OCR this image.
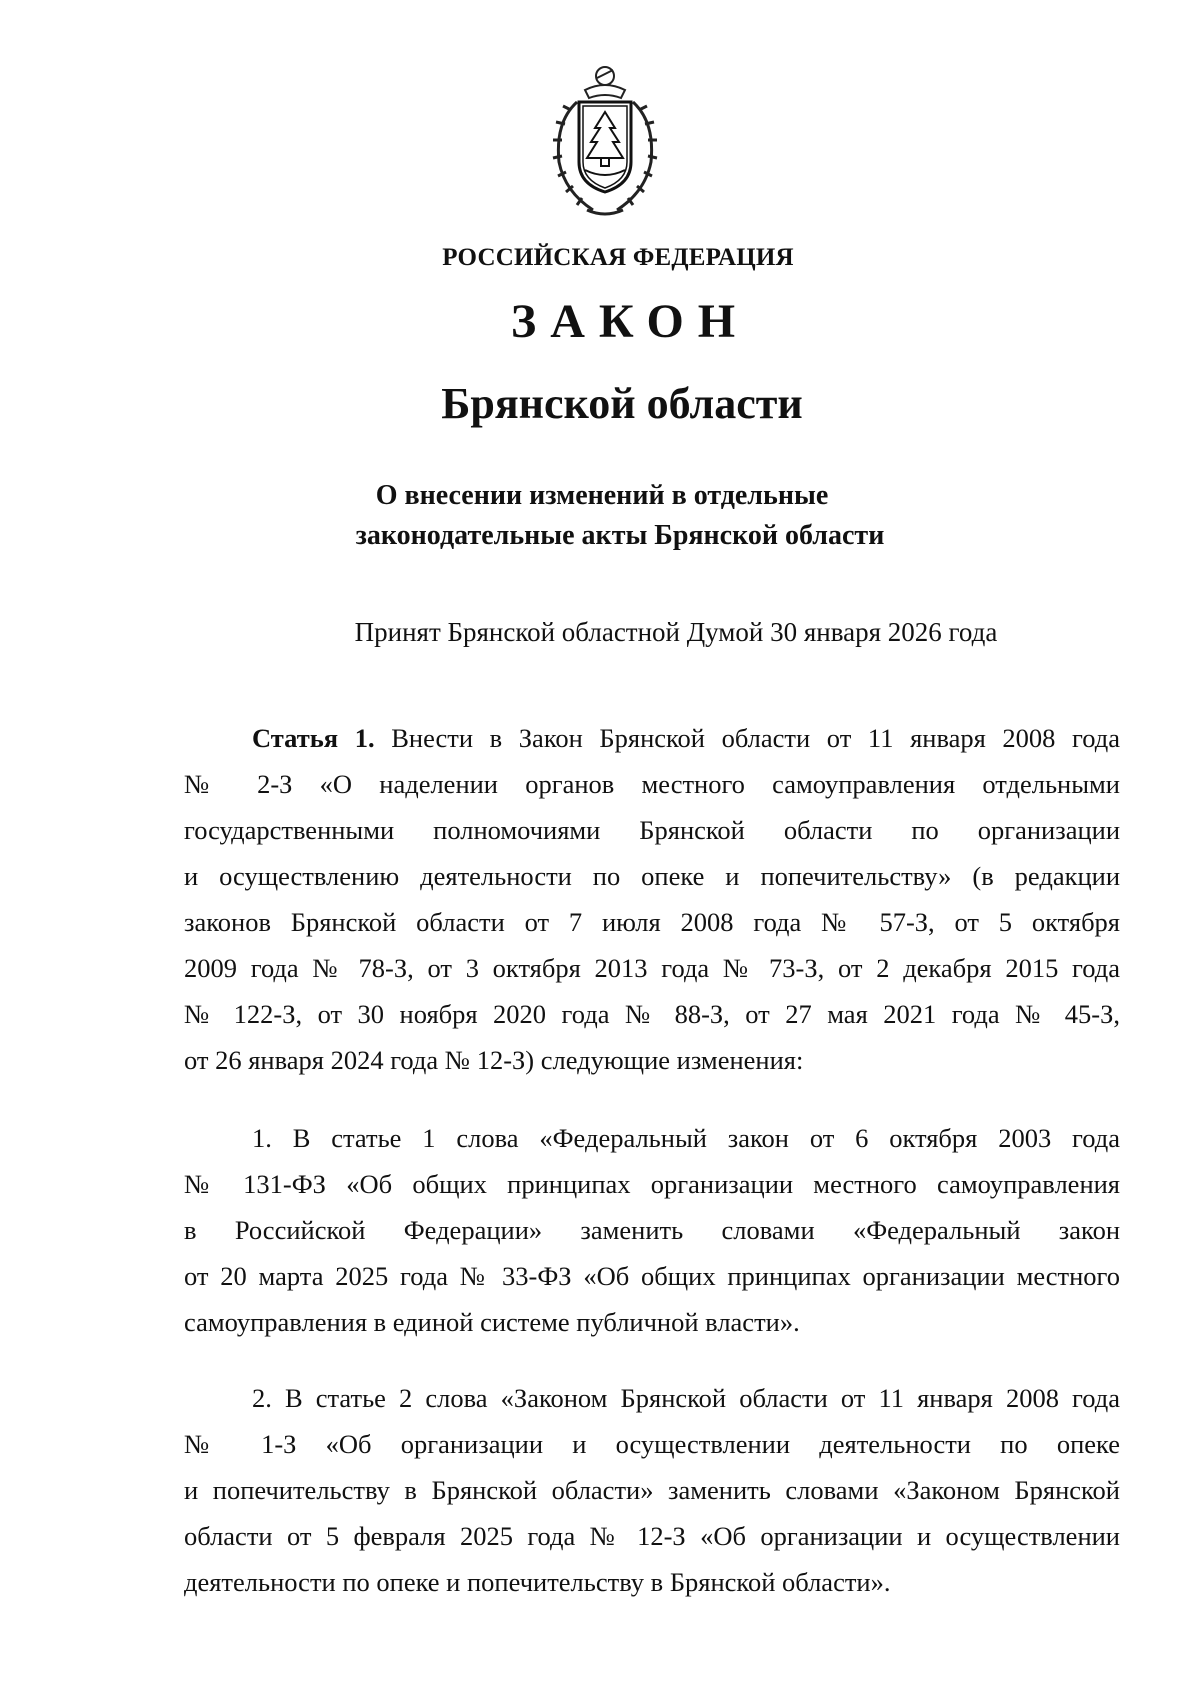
РОССИЙСКАЯ ФЕДЕРАЦИЯ
ЗАКОН
Брянской области
О внесении изменений в отдельные
законодательные акты Брянской области
Принят Брянской областной Думой 30 января 2026 года
Статья 1. Внести в Закон Брянской области от 11 января 2008 года
№ 2-З «О наделении органов местного самоуправления отдельными
государственными полномочиями Брянской области по организации
и осуществлению деятельности по опеке и попечительству» (в редакции
законов Брянской области от 7 июля 2008 года № 57-З, от 5 октября
2009 года № 78-З, от 3 октября 2013 года № 73-З, от 2 декабря 2015 года
№ 122-З, от 30 ноября 2020 года № 88-З, от 27 мая 2021 года № 45-З,
от 26 января 2024 года № 12-З) следующие изменения:
1. В статье 1 слова «Федеральный закон от 6 октября 2003 года
№ 131-ФЗ «Об общих принципах организации местного самоуправления
в Российской Федерации» заменить словами «Федеральный закон
от 20 марта 2025 года № 33-ФЗ «Об общих принципах организации местного
самоуправления в единой системе публичной власти».
2. В статье 2 слова «Законом Брянской области от 11 января 2008 года
№ 1-З «Об организации и осуществлении деятельности по опеке
и попечительству в Брянской области» заменить словами «Законом Брянской
области от 5 февраля 2025 года № 12-З «Об организации и осуществлении
деятельности по опеке и попечительству в Брянской области».
